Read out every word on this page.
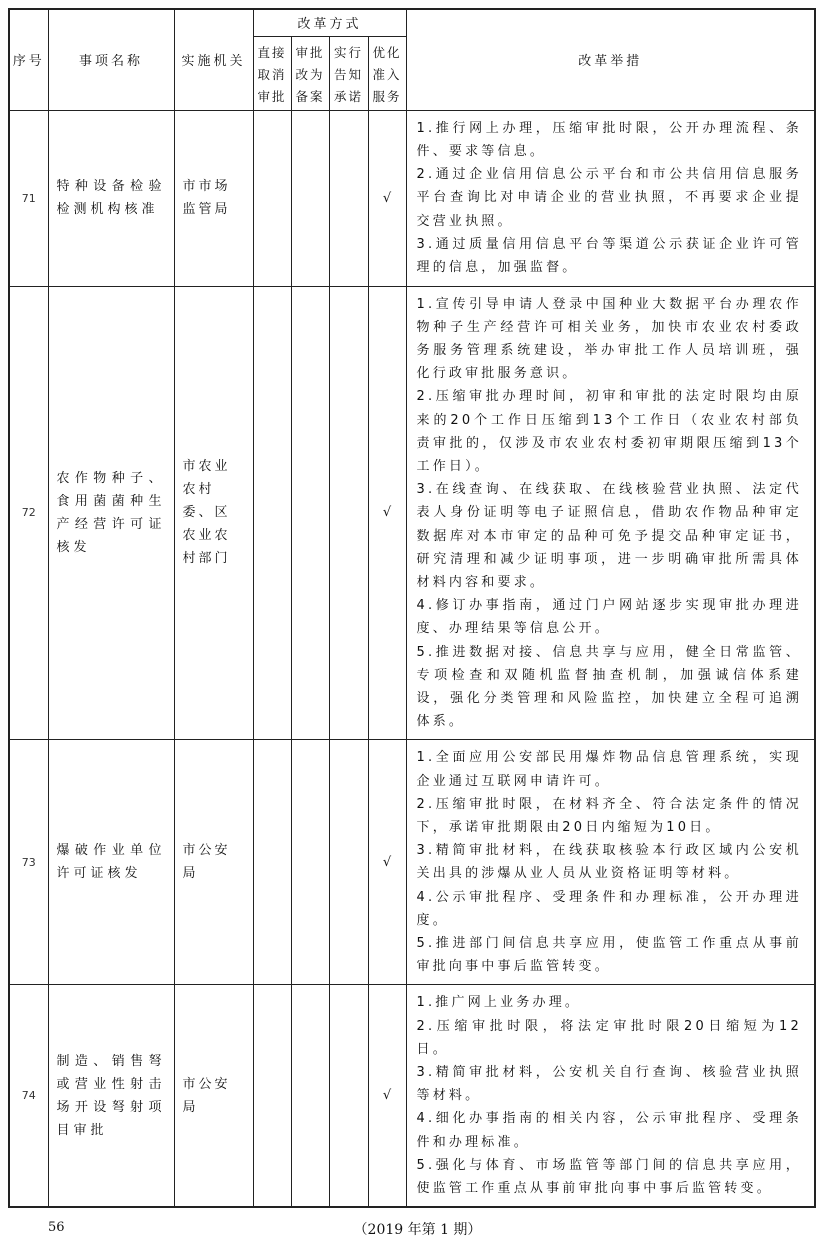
序号	事项名称	实施机关	改革方式				改革举措
			直接取消审批	审批改为备案	实行告知承诺	优化准入服务	
71	特种设备检验检测机构核准	市市场监管局				√	1.推行网上办理，压缩审批时限，公开办理流程、条件、要求等信息。

2.通过企业信用信息公示平台和市公共信用信息服务平台查询比对申请企业的营业执照，不再要求企业提交营业执照。

3.通过质量信用信息平台等渠道公示获证企业许可管理的信息，加强监督。

72	农作物种子、食用菌菌种生产经营许可证核发	市农业农村委、区农业农村部门				√	1.宣传引导申请人登录中国种业大数据平台办理农作物种子生产经营许可相关业务，加快市农业农村委政务服务管理系统建设，举办审批工作人员培训班，强化行政审批服务意识。

2.压缩审批办理时间，初审和审批的法定时限均由原来的20个工作日压缩到13个工作日（农业农村部负责审批的，仅涉及市农业农村委初审期限压缩到13个工作日）。

3.在线查询、在线获取、在线核验营业执照、法定代表人身份证明等电子证照信息，借助农作物品种审定数据库对本市审定的品种可免予提交品种审定证书，研究清理和减少证明事项，进一步明确审批所需具体材料内容和要求。

4.修订办事指南，通过门户网站逐步实现审批办理进度、办理结果等信息公开。

5.推进数据对接、信息共享与应用，健全日常监管、专项检查和双随机监督抽查机制，加强诚信体系建设，强化分类管理和风险监控，加快建立全程可追溯体系。

73	爆破作业单位许可证核发	市公安局				√	1.全面应用公安部民用爆炸物品信息管理系统，实现企业通过互联网申请许可。

2.压缩审批时限，在材料齐全、符合法定条件的情况下，承诺审批期限由20日内缩短为10日。

3.精简审批材料，在线获取核验本行政区域内公安机关出具的涉爆从业人员从业资格证明等材料。

4.公示审批程序、受理条件和办理标准，公开办理进度。

5.推进部门间信息共享应用，使监管工作重点从事前审批向事中事后监管转变。

74	制造、销售弩或营业性射击场开设弩射项目审批	市公安局				√	1.推广网上业务办理。

2.压缩审批时限，将法定审批时限20日缩短为12日。

3.精简审批材料，公安机关自行查询、核验营业执照等材料。

4.细化办事指南的相关内容，公示审批程序、受理条件和办理标准。

5.强化与体育、市场监管等部门间的信息共享应用，使监管工作重点从事前审批向事中事后监管转变。

56	（2019 年第 1 期）
